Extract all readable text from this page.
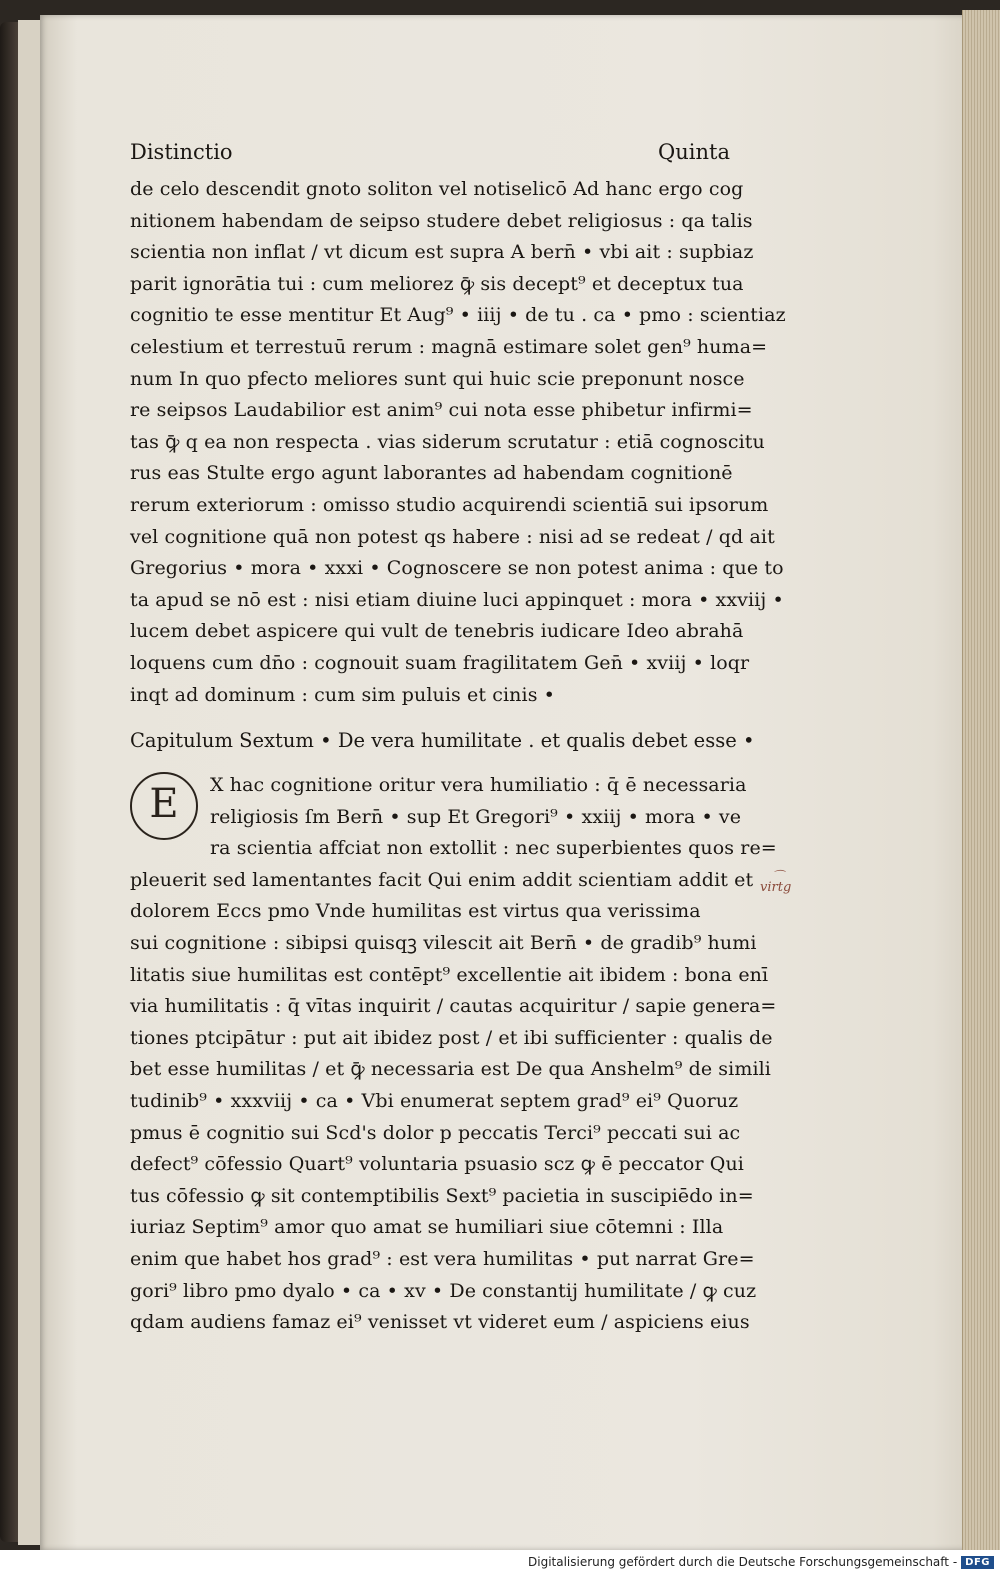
Distinctio	Quinta
de celo descendit gnoto soliton vel notiselicō Ad hanc ergo cog
nitionem habendam de seipso studere debet religiosus : qa talis
scientia non inflat / vt dicum est supra A bern̄ • vbi ait : supbiaz
parit ignorātia tui : cum meliorez ꝙ̄ sis decept⁹ et deceptux tua
cognitio te esse mentitur Et Aug⁹ • iiij • de tu . ca • pmo : scientiaz
celestium et terrestuū rerum : magnā estimare solet gen⁹ huma=
num In quo pfecto meliores sunt qui huic scie preponunt nosce
re seipsos Laudabilior est anim⁹ cui nota esse phibetur infirmi=
tas ꝙ̄ q ea non respecta . vias siderum scrutatur : etiā cognoscitu
rus eas Stulte ergo agunt laborantes ad habendam cognitionē
rerum exteriorum : omisso studio acquirendi scientiā sui ipsorum
vel cognitione quā non potest qs habere : nisi ad se redeat / qd ait
Gregorius • mora • xxxi • Cognoscere se non potest anima : que to
ta apud se nō est : nisi etiam diuine luci appinquet : mora • xxviij •
lucem debet aspicere qui vult de tenebris iudicare Ideo abrahā
loquens cum dn̄o : cognouit suam fragilitatem Gen̄ • xviij • loqr
inqt ad dominum : cum sim puluis et cinis •
Capitulum Sextum • De vera humilitate . et qualis debet esse •
E	X hac cognitione oritur vera humiliatio : q̄ ē necessaria
religiosis ſm Bern̄ • sup Et Gregori⁹ • xxiij • mora • ve
ra scientia affciat non extollit : nec superbientes quos re=
pleuerit sed lamentantes facit Qui enim addit scientiam addit et
dolorem Eccs pmo Vnde humilitas est virtus qua verissima
sui cognitione : sibipsi quisqꝫ vilescit ait Bern̄ • de gradib⁹ humi
litatis siue humilitas est contēpt⁹ excellentie ait ibidem : bona enī
via humilitatis : q̄ vītas inquirit / cautas acquiritur / sapie genera=
tiones ptcipātur : put ait ibidez post / et ibi sufficienter : qualis de
bet esse humilitas / et ꝙ̄ necessaria est De qua Anshelm⁹ de simili
tudinib⁹ • xxxviij • ca • Vbi enumerat septem grad⁹ ei⁹ Quoruz
pmus ē cognitio sui Scd's dolor p peccatis Terci⁹ peccati sui ac
defect⁹ cōfessio Quart⁹ voluntaria psuasio scz ꝙ ē peccator Qui
tus cōfessio ꝙ sit contemptibilis Sext⁹ pacietia in suscipiēdo in=
iuriaz Septim⁹ amor quo amat se humiliari siue cōtemni : Illa
enim que habet hos grad⁹ : est vera humilitas • put narrat Gre=
gori⁹ libro pmo dyalo • ca • xv • De constantij humilitate / ꝙ cuz
qdam audiens famaz ei⁹ venisset vt videret eum / aspiciens eius
⌒
virtg
Digitalisierung gefördert durch die Deutsche Forschungsgemeinschaft - DFG
